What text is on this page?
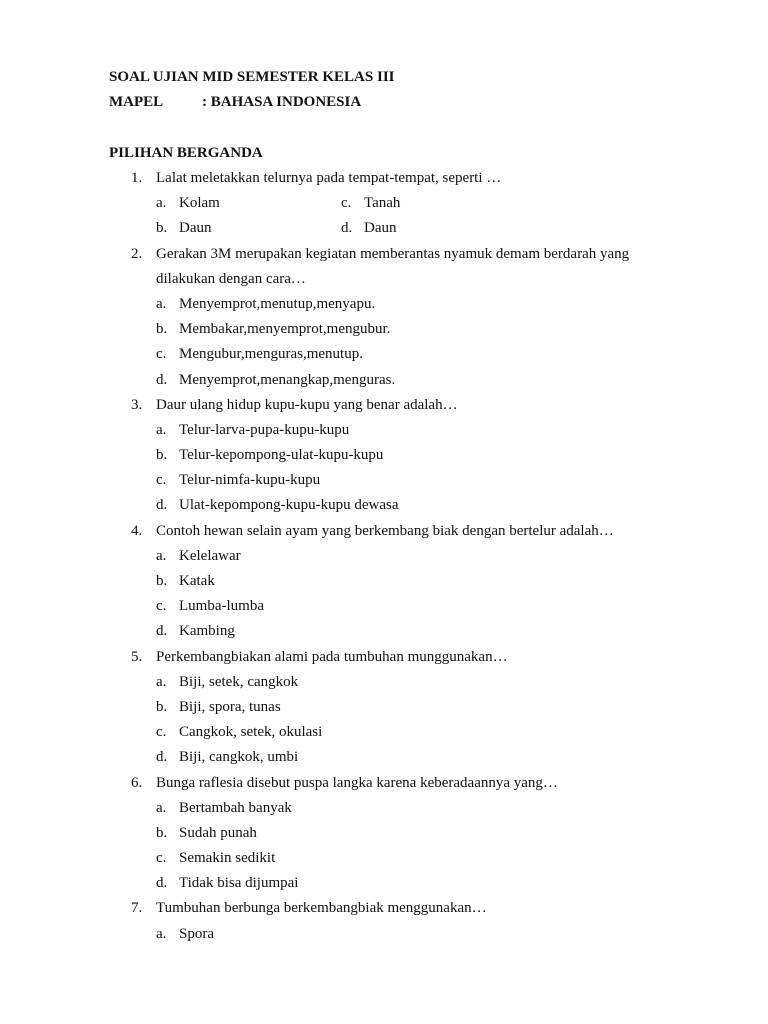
SOAL UJIAN MID SEMESTER KELAS III
MAPEL	: BAHASA INDONESIA
PILIHAN BERGANDA
1. Lalat meletakkan telurnya pada tempat-tempat, seperti …
a. Kolam	c. Tanah
b. Daun	d. Daun
2. Gerakan 3M merupakan kegiatan memberantas nyamuk demam berdarah yang
dilakukan dengan cara…
a. Menyemprot,menutup,menyapu.
b. Membakar,menyemprot,mengubur.
c. Mengubur,menguras,menutup.
d. Menyemprot,menangkap,menguras.
3. Daur ulang hidup kupu-kupu yang benar adalah…
a. Telur-larva-pupa-kupu-kupu
b. Telur-kepompong-ulat-kupu-kupu
c. Telur-nimfa-kupu-kupu
d. Ulat-kepompong-kupu-kupu dewasa
4. Contoh hewan selain ayam yang berkembang biak dengan bertelur adalah…
a. Kelelawar
b. Katak
c. Lumba-lumba
d. Kambing
5. Perkembangbiakan alami pada tumbuhan munggunakan…
a. Biji, setek, cangkok
b. Biji, spora, tunas
c. Cangkok, setek, okulasi
d. Biji, cangkok, umbi
6. Bunga raflesia disebut puspa langka karena keberadaannya yang…
a. Bertambah banyak
b. Sudah punah
c. Semakin sedikit
d. Tidak bisa dijumpai
7. Tumbuhan berbunga berkembangbiak menggunakan…
a. Spora
